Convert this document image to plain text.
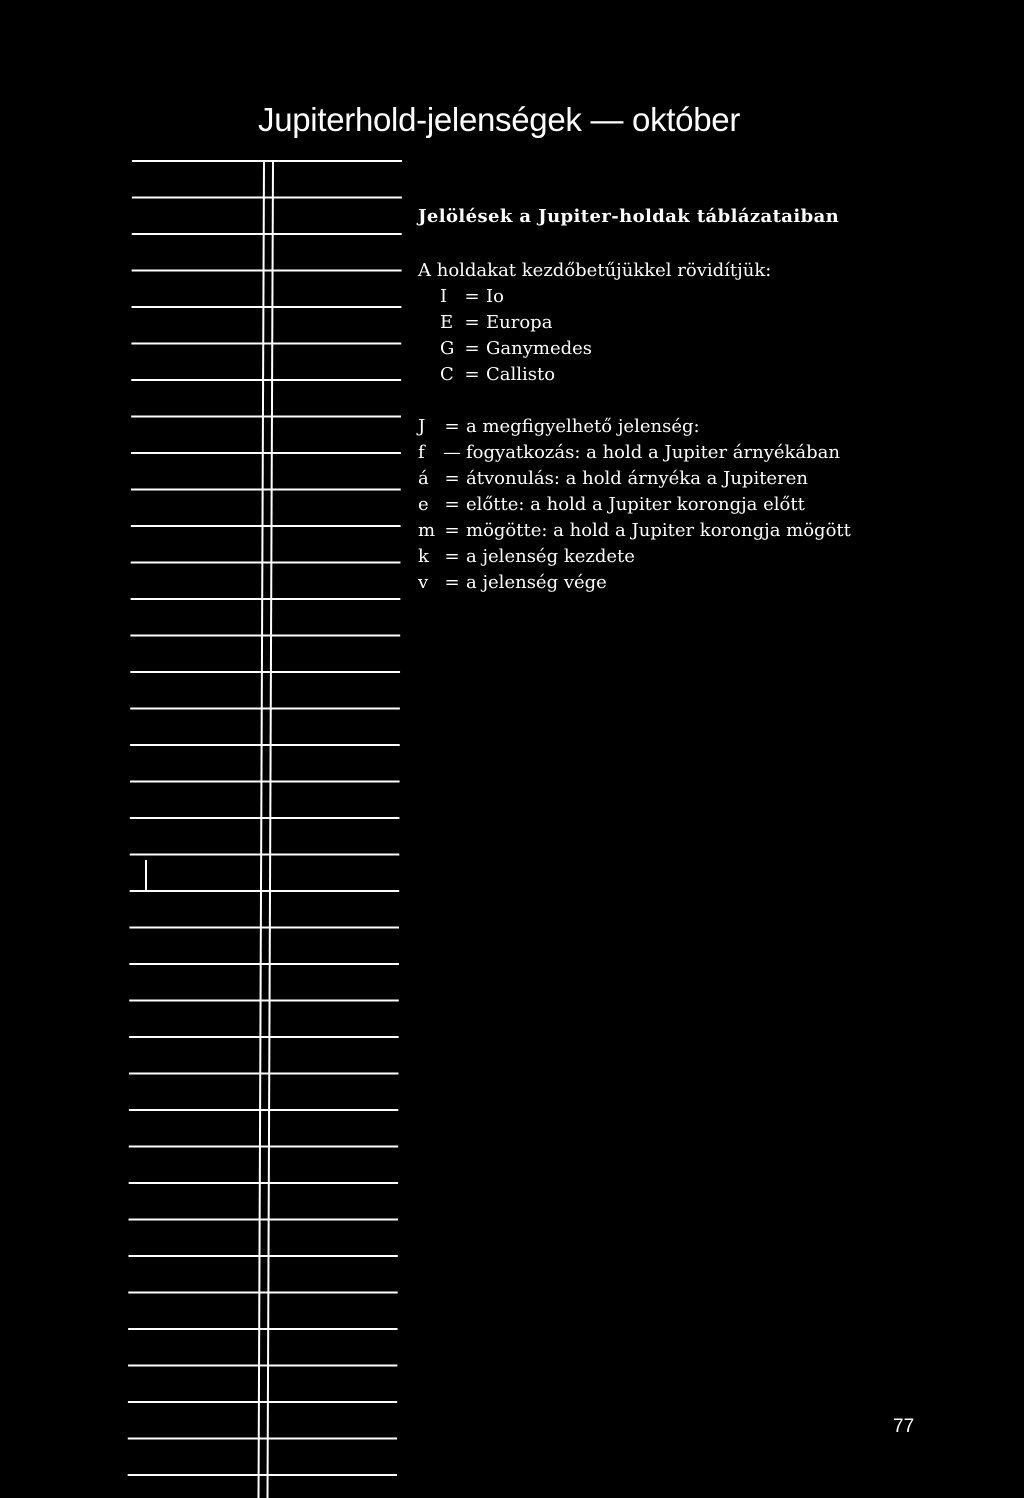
Jupiterhold-jelenségek — október
Jelölések a Jupiter-holdak táblázataiban
A holdakat kezdőbetűjükkel rövidítjük:
I = Io
E = Europa
G = Ganymedes
C = Callisto
J	= a megfigyelhető jelenség:
f	— fogyatkozás: a hold a Jupiter árnyékában
á = átvonulás: a hold árnyéka a Jupiteren
e = előtte: a hold a Jupiter korongja előtt
m = mögötte: a hold a Jupiter korongja mögött
k = a jelenség kezdete
v = a jelenség vége
77
